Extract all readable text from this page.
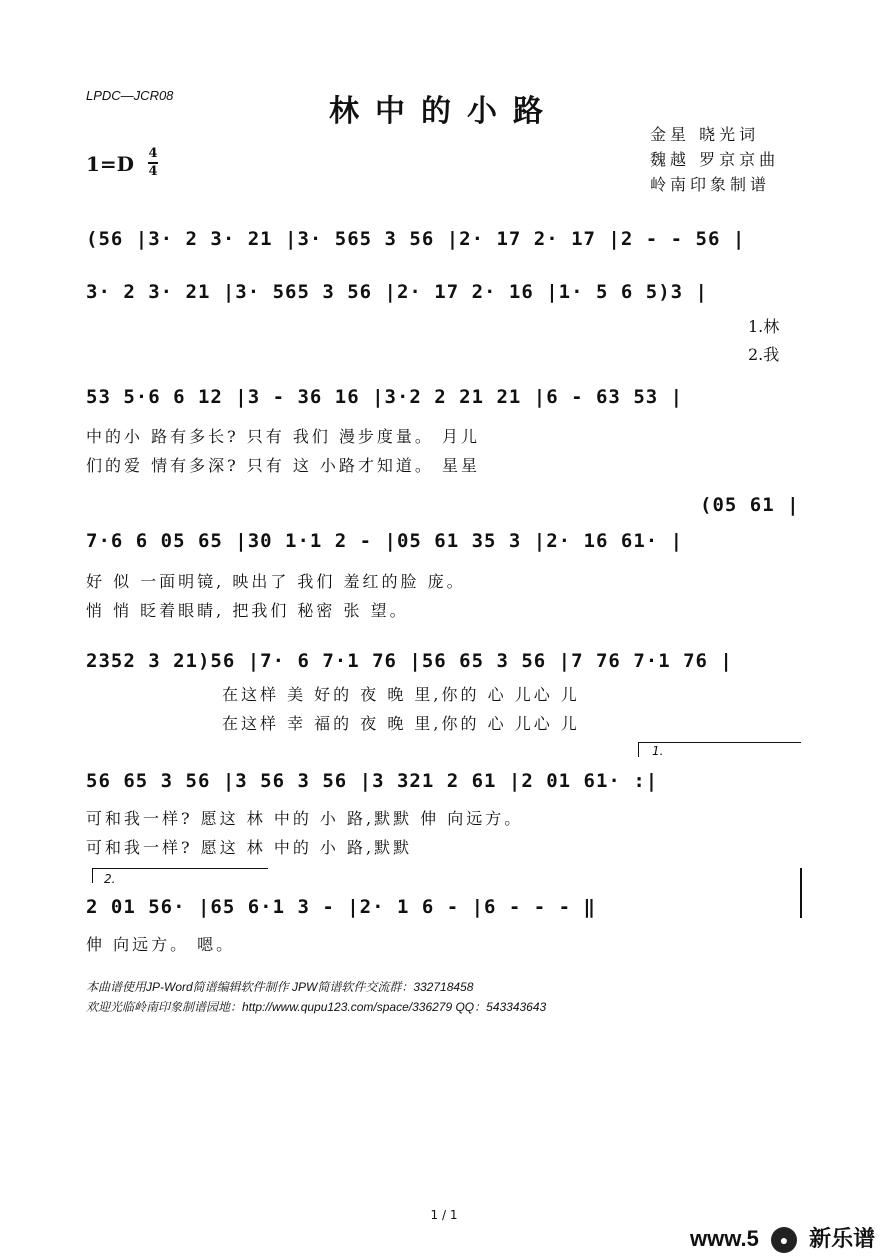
LPDC—JCR08	林中的小路
金星 晓光词
魏越 罗京京曲
岭南印象制谱
1=D 4
4
(56 |3· 2 3· 21 |3· 565 3 56 |2· 17 2· 17 |2 - - 56 |
3· 2 3· 21 |3· 565 3 56 |2· 17 2· 16 |1· 5 6 5)3 |
1.林
2.我
53 5·6 6 12 |3 - 36 16 |3·2 2 21 21 |6 - 63 53 |
中的小 路有多长? 只有 我们 漫步度量。 月儿
们的爱 情有多深? 只有 这 小路才知道。 星星
(05 61 |
7·6 6 05 65 |30 1·1 2 - |05 61 35 3 |2· 16 61· |
好 似 一面明镜, 映出了 我们 羞红的脸 庞。
悄 悄 眨着眼睛, 把我们 秘密 张 望。
2352 3 21)56 |7· 6 7·1 76 |56 65 3 56 |7 76 7·1 76 |
在这样 美 好的 夜 晚 里,你的 心 儿心 儿
在这样 幸 福的 夜 晚 里,你的 心 儿心 儿
1.
56 65 3 56 |3 56 3 56 |3 321 2 61 |2 01 61· :|
可和我一样? 愿这 林 中的 小 路,默默 伸 向远方。
可和我一样? 愿这 林 中的 小 路,默默
2.
2 01 56· |65 6·1 3 - |2· 1 6 - |6 - - - ‖
伸 向远方。 嗯。
本曲谱使用JP-Word简谱编辑软件制作 JPW简谱软件交流群：332718458
欢迎光临岭南印象制谱园地：http://www.qupu123.com/space/336279 QQ：543343643
1 / 1
www.5 ● 新乐谱
